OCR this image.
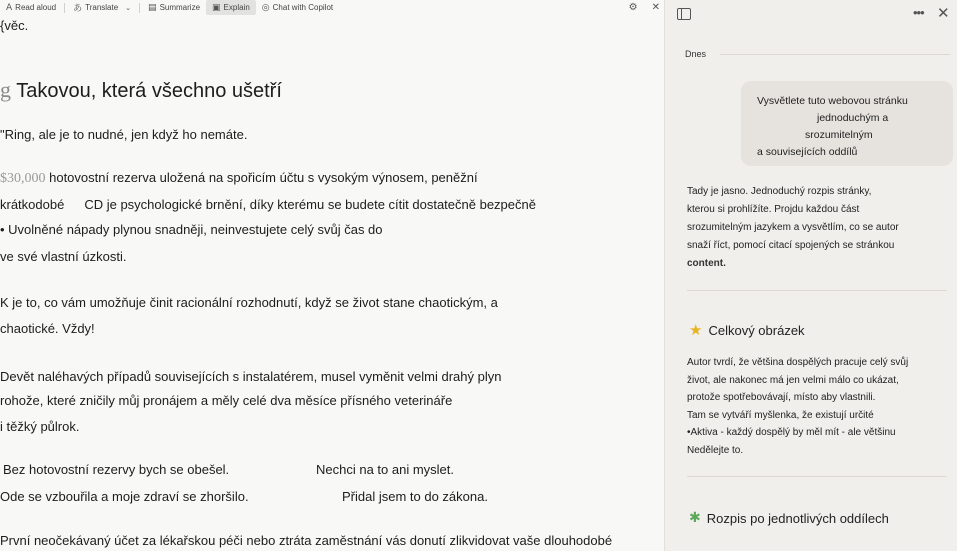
A Read aloud あ Translate ⌄ ▤ Summarize ▣ Explain ◎ Chat with Copilot	⚙ ✕
{věc.
g Takovou, která všechno ušetří
"Ring, ale je to nudné, jen když ho nemáte.
$30,000 hotovostní rezerva uložená na spořicím účtu s vysokým výnosem, peněžní
krátkodobé CD je psychologické brnění, díky kterému se budete cítit dostatečně bezpečně
• Uvolněné nápady plynou snadněji, neinvestujete celý svůj čas do
ve své vlastní úzkosti.
K je to, co vám umožňuje činit racionální rozhodnutí, když se život stane chaotickým, a
chaotické. Vždy!
Devět naléhavých případů souvisejících s instalatérem, musel vyměnit velmi drahý plyn
rohože, které zničily můj pronájem a měly celé dva měsíce přísného veterináře
i těžký půlrok.
Bez hotovostní rezervy bych se obešel.	Nechci na to ani myslet.
Ode se vzbouřila a moje zdraví se zhoršilo.	Přidal jsem to do zákona.
První neočekávaný účet za lékařskou péči nebo ztráta zaměstnání vás donutí zlikvidovat vaše dlouhodobé
••• ✕
Dnes
Vysvětlete tuto webovou stránku
jednoduchým a
srozumitelným
a souvisejících oddílů
Tady je jasno. Jednoduchý rozpis stránky,
kterou si prohlížíte. Projdu každou část
srozumitelným jazykem a vysvětlím, co se autor
snaží říct, pomocí citací spojených se stránkou
content.
★ Celkový obrázek
Autor tvrdí, že většina dospělých pracuje celý svůj
život, ale nakonec má jen velmi málo co ukázat,
protože spotřebovávají, místo aby vlastnili.
Tam se vytváří myšlenka, že existují určité
•Aktiva - každý dospělý by měl mít - ale většinu
Nedělejte to.
✱ Rozpis po jednotlivých oddílech
